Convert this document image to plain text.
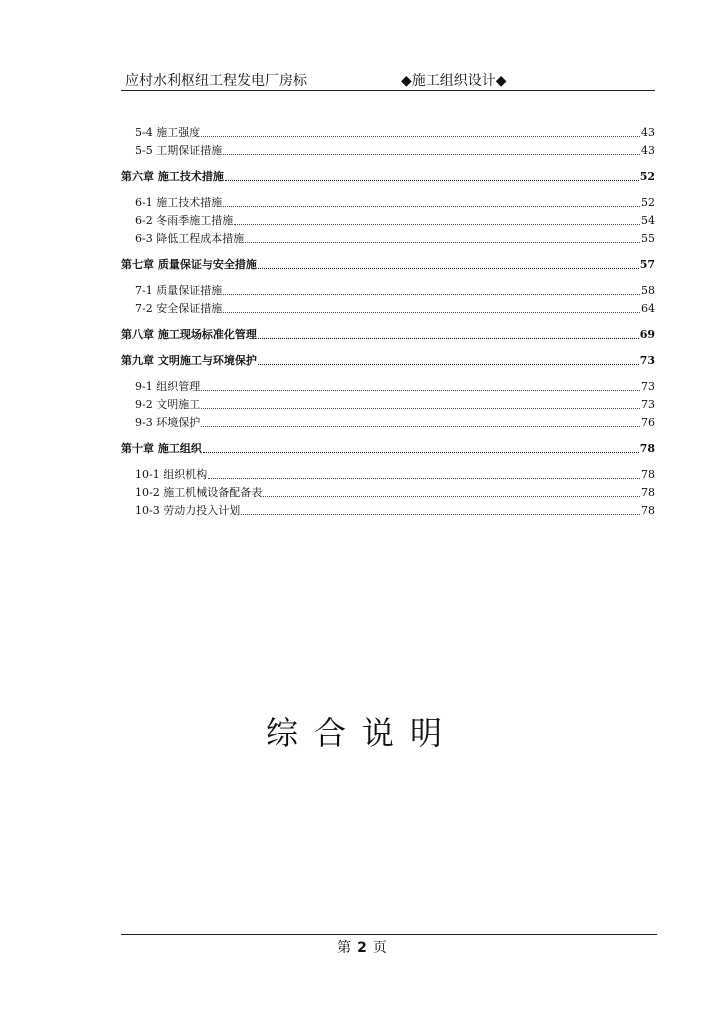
应村水利枢纽工程发电厂房标	◆施工组织设计◆
5-4 施工强度	43
5-5 工期保证措施	43
第六章 施工技术措施	52
6-1 施工技术措施	52
6-2 冬雨季施工措施	54
6-3 降低工程成本措施	55
第七章 质量保证与安全措施	57
7-1 质量保证措施	58
7-2 安全保证措施	64
第八章 施工现场标准化管理	69
第九章 文明施工与环境保护	73
9-1 组织管理	73
9-2 文明施工	73
9-3 环境保护	76
第十章 施工组织	78
10-1 组织机构	78
10-2 施工机械设备配备表	78
10-3 劳动力投入计划	78
综合说明
第 2 页
